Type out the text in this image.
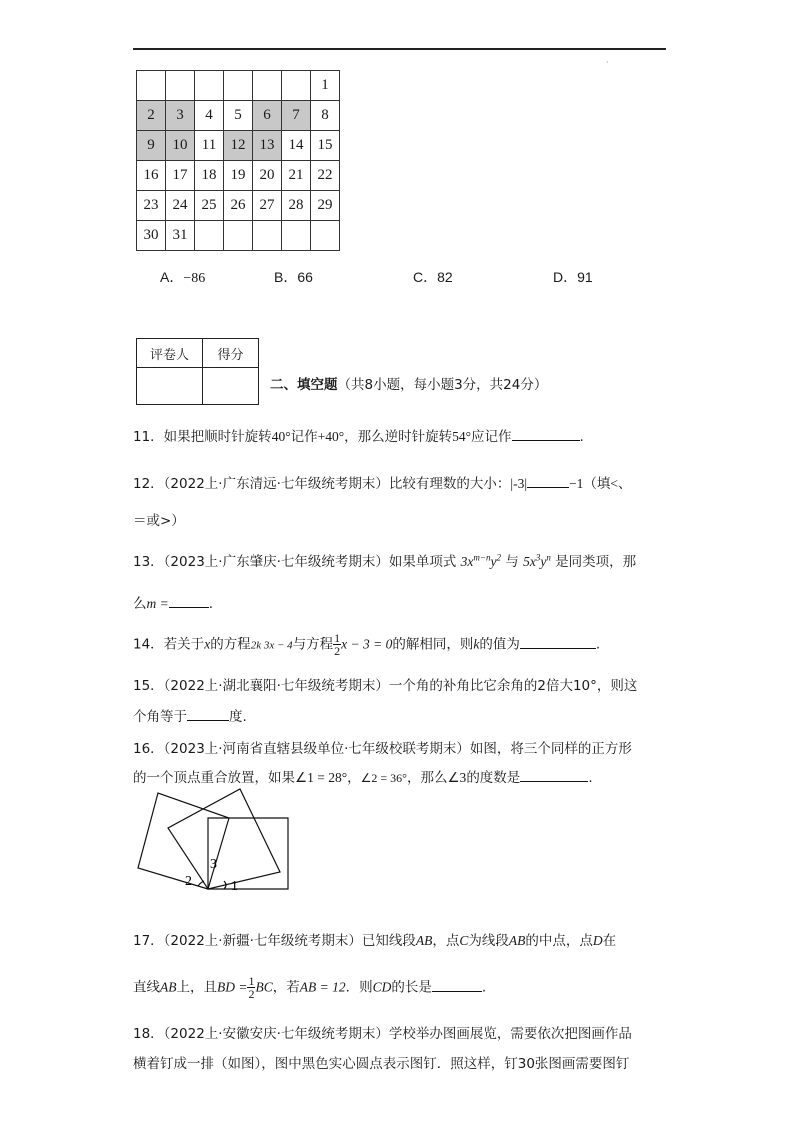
·
						1
2	3	4	5	6	7	8
9	10	11	12	13	14	15
16	17	18	19	20	21	22
23	24	25	26	27	28	29
30	31					
A．−86	B．66	C．82	D．91
评卷人	得分

二、填空题（共8小题，每小题3分，共24分）
11．如果把顺时针旋转40°记作+40°，那么逆时针旋转54°应记作	.
12．（2022上·广东清远·七年级统考期末）比较有理数的大小：|-3|	−1（填<、
＝或>）
13．（2023上·广东肇庆·七年级统考期末）如果单项式 $3x^{m-n}y^2$ 与 $5x^3y^n$ 是同类项，那
么m =	.
14．若关于x的方程2k 3x − 4与方程 $\frac{1}{2}$ x − 3 = 0的解相同，则k的值为	.
15．（2022上·湖北襄阳·七年级统考期末）一个角的补角比它余角的2倍大10°，则这
个角等于	度.
16．（2023上·河南省直辖县级单位·七年级校联考期末）如图，将三个同样的正方形
的一个顶点重合放置，如果∠1 = 28°，∠2 = 36°，那么∠3的度数是	.
1
2
3
17．（2022上·新疆·七年级统考期末）已知线段AB，点C为线段AB的中点，点D在
直线AB上，且BD = $\frac{1}{2}$ BC，若AB = 12．则CD的长是	.
18．（2022上·安徽安庆·七年级统考期末）学校举办图画展览，需要依次把图画作品
横着钉成一排（如图），图中黑色实心圆点表示图钉．照这样，钉30张图画需要图钉
